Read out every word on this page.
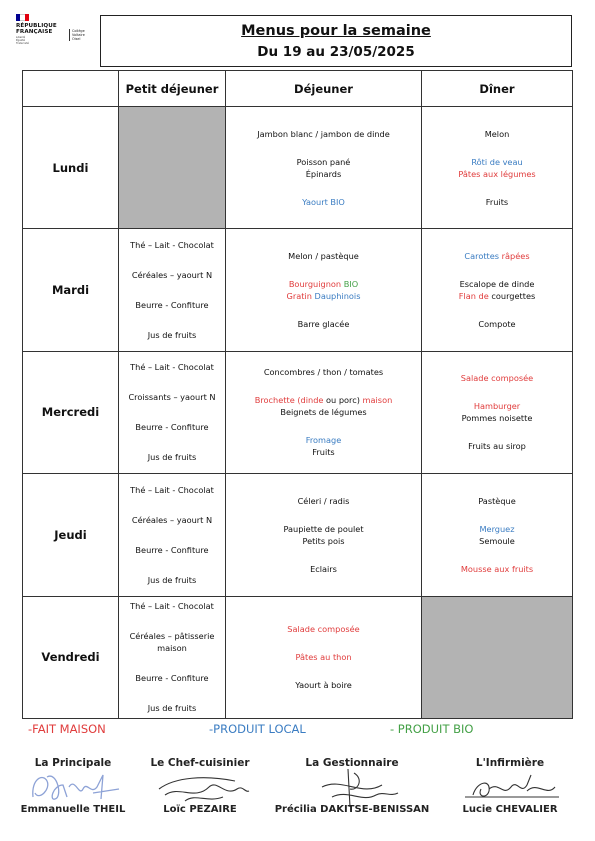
RÉPUBLIQUE
FRANÇAISE
Liberté
Égalité
Fraternité
Collège Voltaire
Oisel	Menus pour la semaine
Du 19 au 23/05/2025
	Petit déjeuner	Déjeuner	Dîner
Lundi		Jambon blanc / jambon de dinde
Poisson pané
Épinards
Yaourt BIO	Melon
Rôti de veau
Pâtes aux légumes
Fruits

Mardi	Thé – Lait - Chocolat
Céréales – yaourt N
Beurre - Confiture
Jus de fruits	Melon / pastèque
Bourguignon BIO
Gratin Dauphinois
Barre glacée	Carottes râpées
Escalope de dinde
Flan de courgettes
Compote

Mercredi	Thé – Lait - Chocolat
Croissants – yaourt N
Beurre - Confiture
Jus de fruits	Concombres / thon / tomates
Brochette (dinde ou porc) maison
Beignets de légumes
Fromage
Fruits	Salade composée
Hamburger
Pommes noisette
Fruits au sirop

Jeudi	Thé – Lait - Chocolat
Céréales – yaourt N
Beurre - Confiture
Jus de fruits	Céleri / radis
Paupiette de poulet
Petits pois
Eclairs	Pastèque
Merguez
Semoule
Mousse aux fruits

Vendredi	Thé – Lait - Chocolat
Céréales – pâtisserie maison
Beurre - Confiture
Jus de fruits	Salade composée
Pâtes au thon
Yaourt à boire	

-FAIT MAISON	-PRODUIT LOCAL	- PRODUIT BIO
La Principale
Emmanuelle THEIL
Le Chef-cuisinier
Loïc PEZAIRE
La Gestionnaire
Précilia DAKITSE-BENISSAN
L'Infirmière
Lucie CHEVALIER
